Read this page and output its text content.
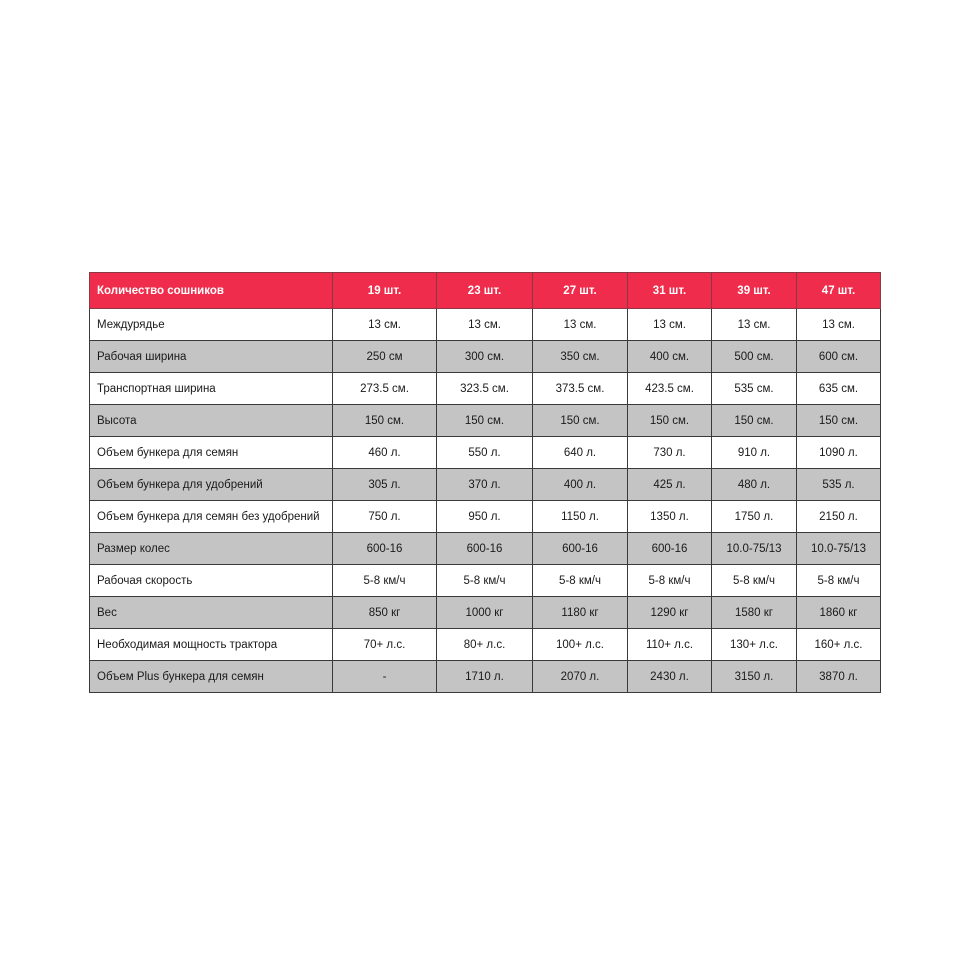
Количество сошников	19 шт.	23 шт.	27 шт.	31 шт.	39 шт.	47 шт.
Междурядье	13 см.	13 см.	13 см.	13 см.	13 см.	13 см.
Рабочая ширина	250 см	300 см.	350 см.	400 см.	500 см.	600 см.
Транспортная ширина	273.5 см.	323.5 см.	373.5 см.	423.5 см.	535 см.	635 см.
Высота	150 см.	150 см.	150 см.	150 см.	150 см.	150 см.
Объем бункера для семян	460 л.	550 л.	640 л.	730 л.	910 л.	1090 л.
Объем бункера для удобрений	305 л.	370 л.	400 л.	425 л.	480 л.	535 л.
Объем бункера для семян без удобрений	750 л.	950 л.	1150 л.	1350 л.	1750 л.	2150 л.
Размер колес	600-16	600-16	600-16	600-16	10.0-75/13	10.0-75/13
Рабочая скорость	5-8 км/ч	5-8 км/ч	5-8 км/ч	5-8 км/ч	5-8 км/ч	5-8 км/ч
Вес	850 кг	1000 кг	1180 кг	1290 кг	1580 кг	1860 кг
Необходимая мощность трактора	70+ л.с.	80+ л.с.	100+ л.с.	110+ л.с.	130+ л.с.	160+ л.с.
Объем Plus бункера для семян	-	1710 л.	2070 л.	2430 л.	3150 л.	3870 л.
